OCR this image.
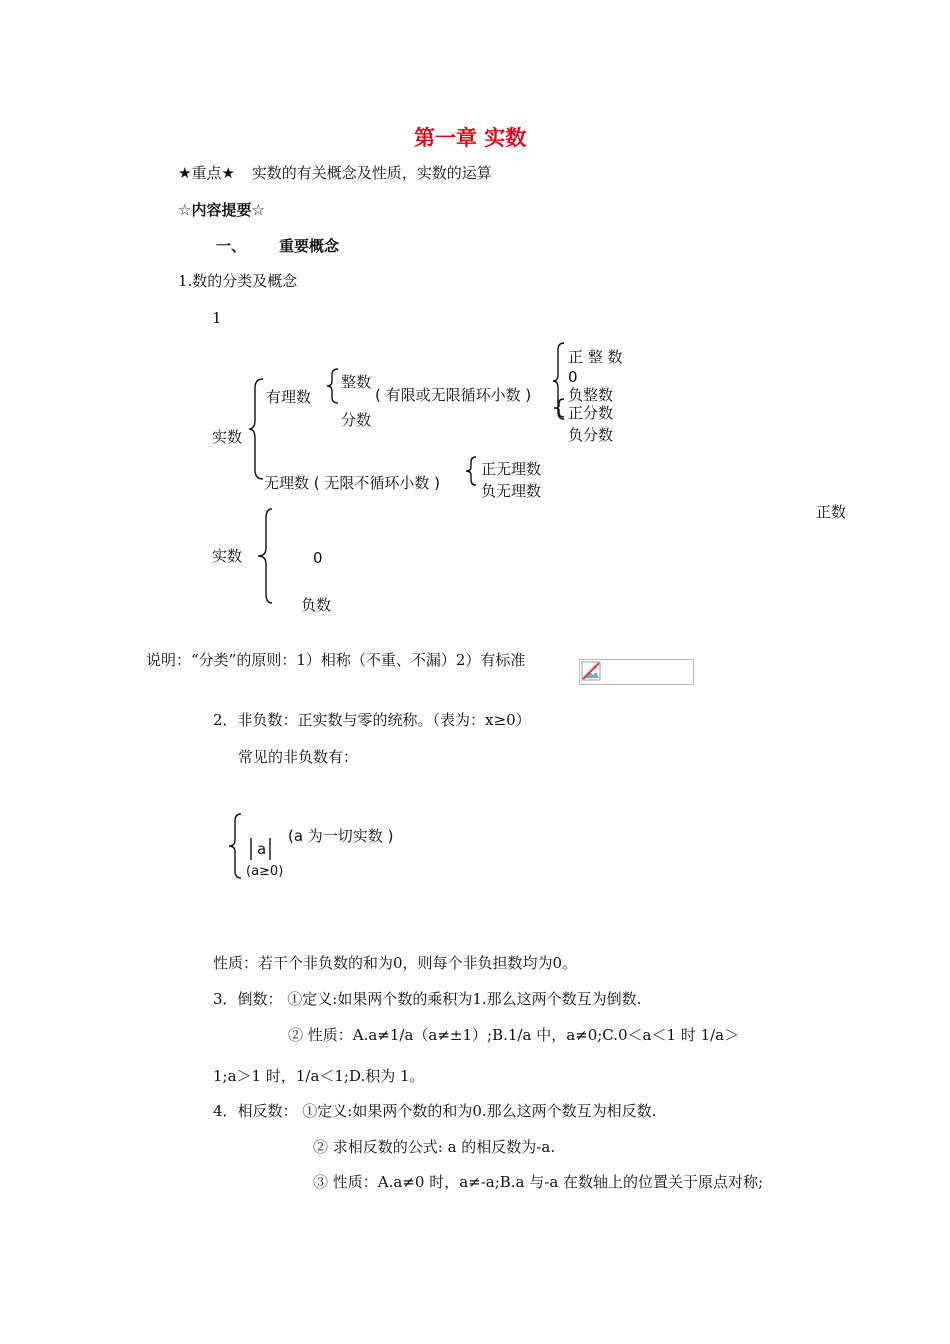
第一章 实数
★重点★ 实数的有关概念及性质，实数的运算
☆内容提要☆
一、 重要概念
1.数的分类及概念
1
实数
有理数
整数
分数
( 有限或无限循环小数 )
正 整 数
0
负整数
正分数
负分数
无理数 ( 无限不循环小数 )
正无理数
负无理数
实数
正数
0
负数
说明：“分类”的原则：1）相称（不重、不漏）2）有标准
2．非负数：正实数与零的统称。（表为：x≥0）
常见的非负数有：
a
(a 为一切实数 )
(a≥0)
性质：若干个非负数的和为0，则每个非负担数均为0。
3．倒数： ①定义:如果两个数的乘积为1.那么这两个数互为倒数.
② 性质：A.a≠1/a（a≠±1）;B.1/a 中，a≠0;C.0＜a＜1 时 1/a＞
1;a＞1 时，1/a＜1;D.积为 1。
4．相反数： ①定义:如果两个数的和为0.那么这两个数互为相反数.
② 求相反数的公式: a 的相反数为-a.
③ 性质：A.a≠0 时，a≠-a;B.a 与-a 在数轴上的位置关于原点对称;
